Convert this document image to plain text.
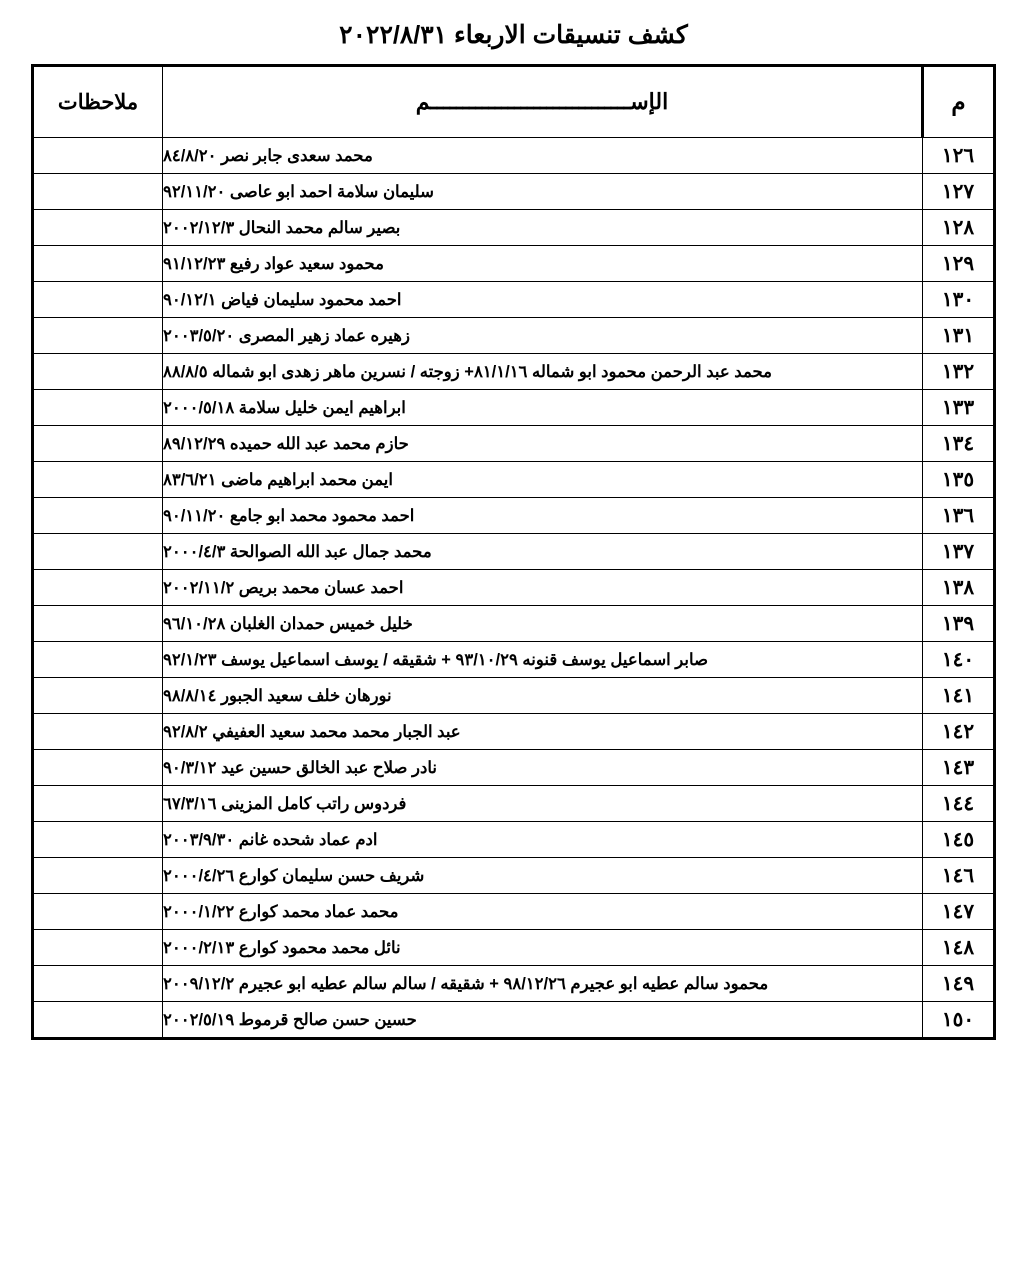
كشف تنسيقات الاربعاء ٢٠٢٢/٨/٣١
م	الإســـــــــــــــــــــــــــــــم	ملاحظات
١٢٦	محمد سعدى جابر نصر ٨٤/٨/٢٠	
١٢٧	سليمان سلامة احمد ابو عاصى ٩٢/١١/٢٠	
١٢٨	بصير سالم محمد النحال ٢٠٠٢/١٢/٣	
١٢٩	محمود سعيد عواد رفيع ٩١/١٢/٢٣	
١٣٠	احمد محمود سليمان فياض ٩٠/١٢/١	
١٣١	زهيره عماد زهير المصرى ٢٠٠٣/٥/٢٠	
١٣٢	محمد عبد الرحمن محمود ابو شماله ٨١/١/١٦+ زوجته / نسرين ماهر زهدى ابو شماله ٨٨/٨/٥	
١٣٣	ابراهيم ايمن خليل سلامة ٢٠٠٠/٥/١٨	
١٣٤	حازم محمد عبد الله حميده ٨٩/١٢/٢٩	
١٣٥	ايمن محمد ابراهيم ماضى ٨٣/٦/٢١	
١٣٦	احمد محمود محمد ابو جامع ٩٠/١١/٢٠	
١٣٧	محمد جمال عبد الله الصوالحة ٢٠٠٠/٤/٣	
١٣٨	احمد عسان محمد بريص ٢٠٠٢/١١/٢	
١٣٩	خليل خميس حمدان الغلبان ٩٦/١٠/٢٨	
١٤٠	صابر اسماعيل يوسف قنونه ٩٣/١٠/٢٩ + شقيقه / يوسف اسماعيل يوسف ٩٢/١/٢٣	
١٤١	نورهان خلف سعيد الجبور ٩٨/٨/١٤	
١٤٢	عبد الجبار محمد محمد سعيد العفيفي ٩٢/٨/٢	
١٤٣	نادر صلاح عبد الخالق حسين عيد ٩٠/٣/١٢	
١٤٤	فردوس راتب كامل المزينى ٦٧/٣/١٦	
١٤٥	ادم عماد شحده غانم ٢٠٠٣/٩/٣٠	
١٤٦	شريف حسن سليمان كوارع ٢٠٠٠/٤/٢٦	
١٤٧	محمد عماد محمد كوارع ٢٠٠٠/١/٢٢	
١٤٨	نائل محمد محمود كوارع ٢٠٠٠/٢/١٣	
١٤٩	محمود سالم عطيه ابو عجيرم ٩٨/١٢/٢٦ + شقيقه / سالم سالم عطيه ابو عجيرم ٢٠٠٩/١٢/٢	
١٥٠	حسين حسن صالح قرموط ٢٠٠٢/٥/١٩	
